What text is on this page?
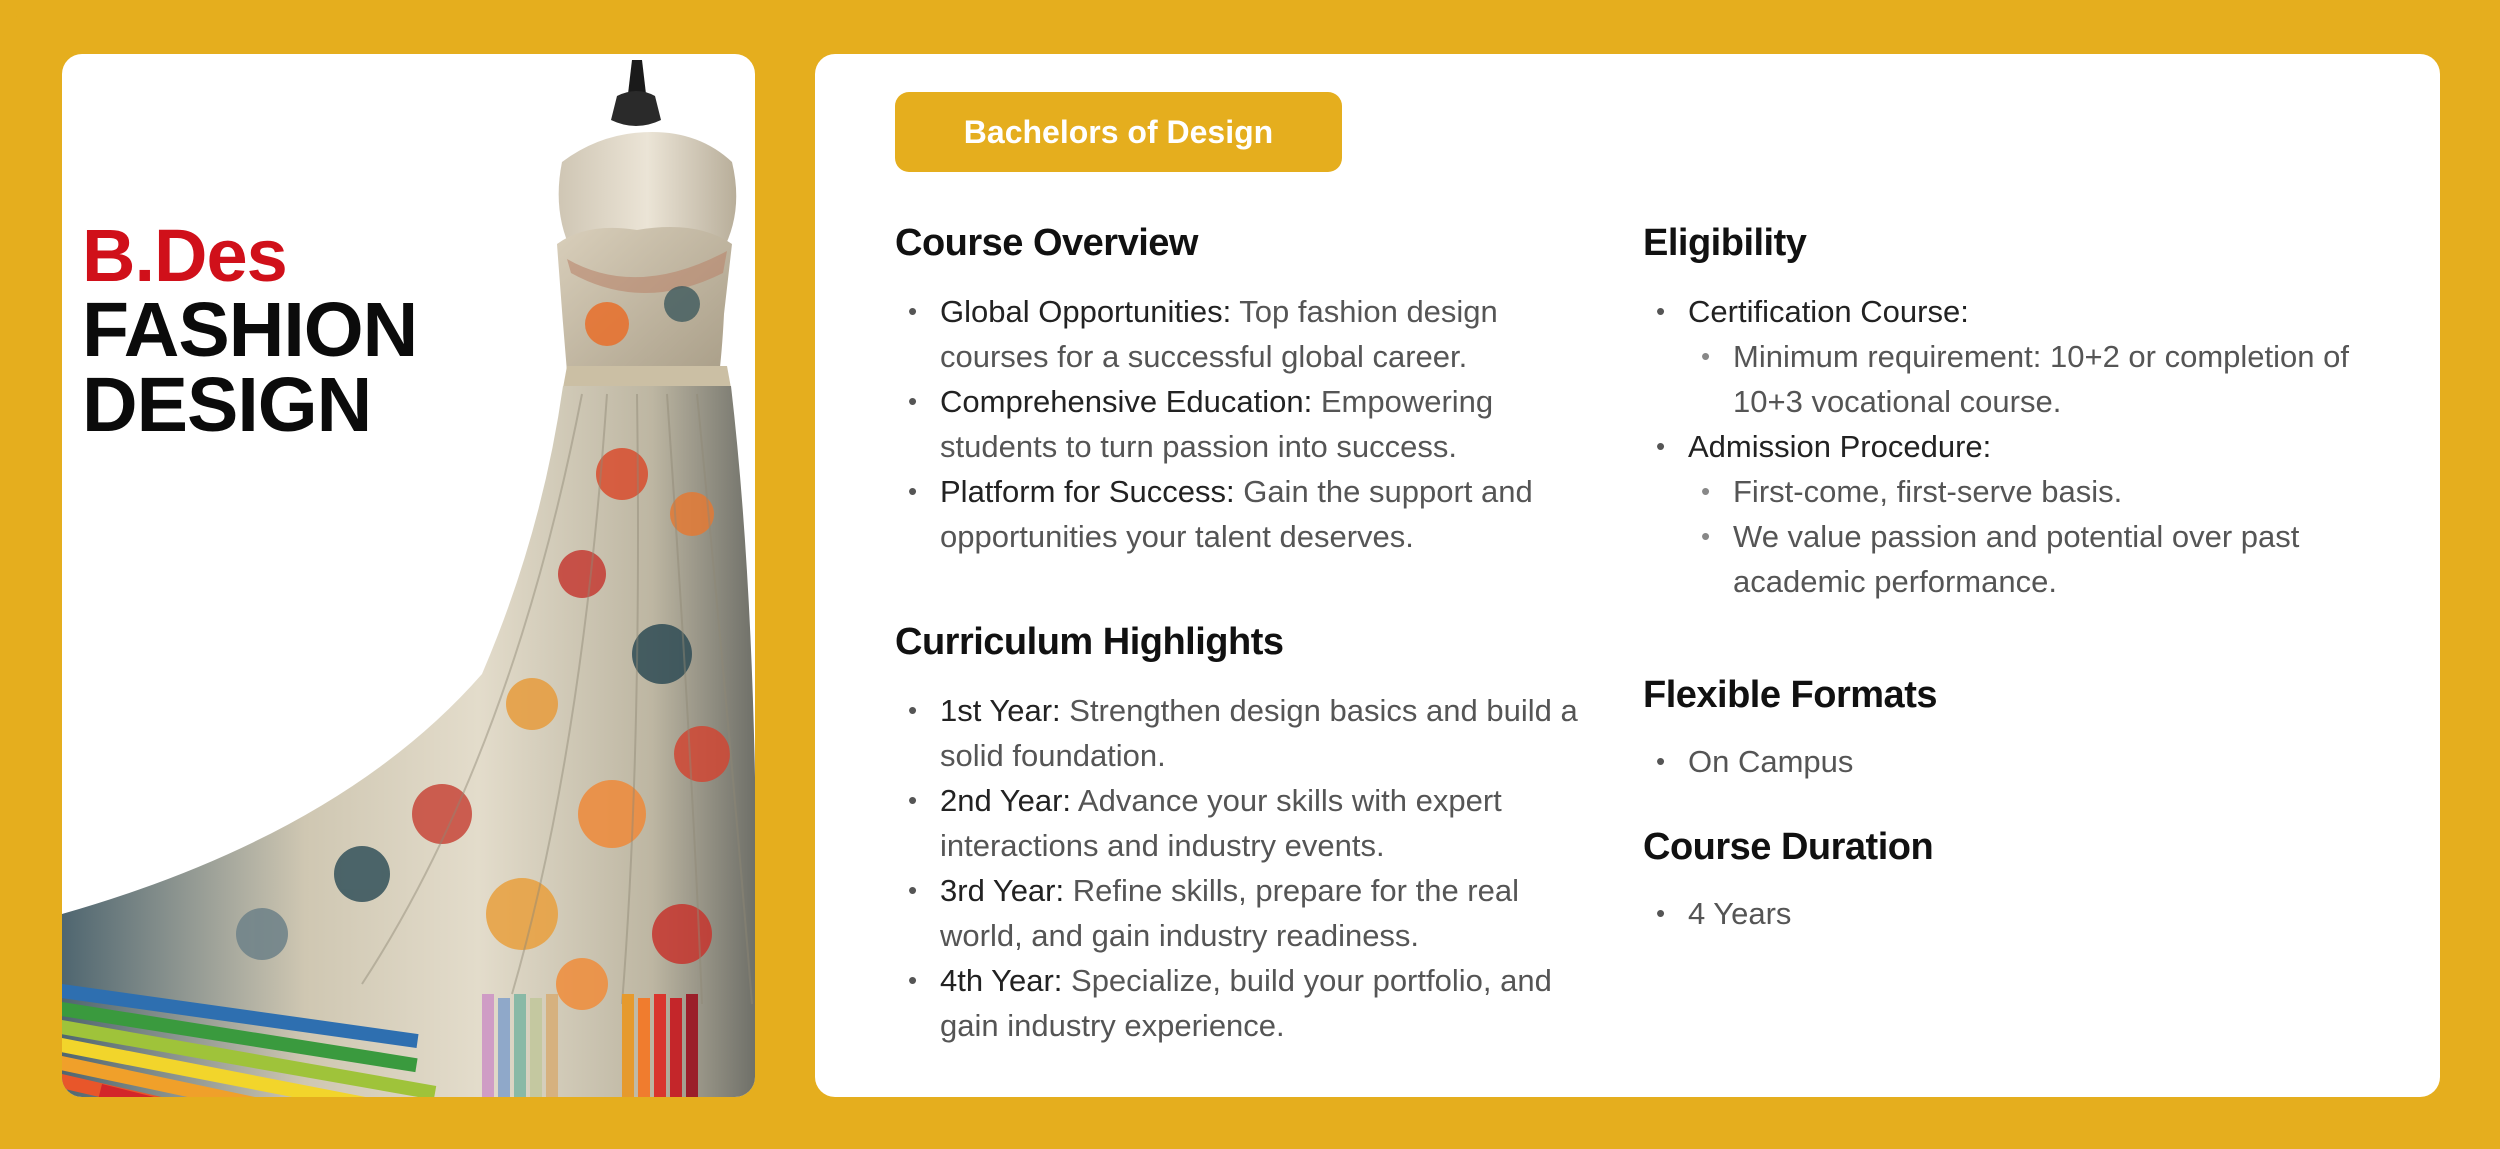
B.Des
FASHION
DESIGN
Bachelors of Design
Course Overview
• Global Opportunities: Top fashion design courses for a successful global career.
• Comprehensive Education: Empowering students to turn passion into success.
• Platform for Success: Gain the support and opportunities your talent deserves.
Curriculum Highlights
• 1st Year: Strengthen design basics and build a solid foundation.
• 2nd Year: Advance your skills with expert interactions and industry events.
• 3rd Year: Refine skills, prepare for the real world, and gain industry readiness.
• 4th Year: Specialize, build your portfolio, and gain industry experience.
Eligibility
• Certification Course:
• Minimum requirement: 10+2 or completion of 10+3 vocational course.
• Admission Procedure:
• First-come, first-serve basis.
• We value passion and potential over past academic performance.
Flexible Formats
• On Campus
Course Duration
• 4 Years
